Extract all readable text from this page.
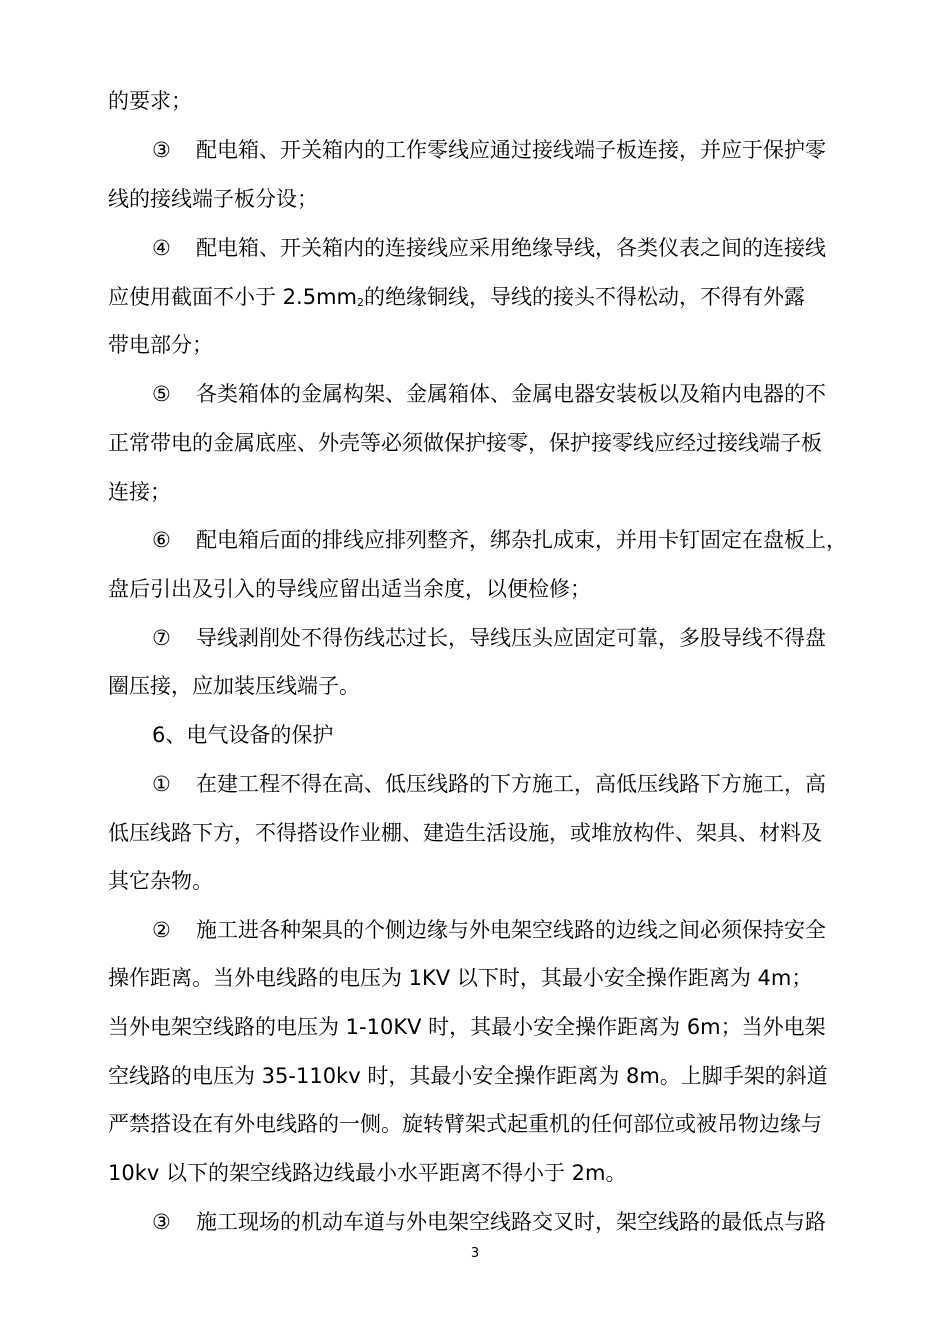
的要求；
③ 配电箱、开关箱内的工作零线应通过接线端子板连接，并应于保护零
线的接线端子板分设；
④ 配电箱、开关箱内的连接线应采用绝缘导线，各类仪表之间的连接线
应使用截面不小于 $2.5mm_2$的绝缘铜线，导线的接头不得松动，不得有外露
带电部分；
⑤ 各类箱体的金属构架、金属箱体、金属电器安装板以及箱内电器的不
正常带电的金属底座、外壳等必须做保护接零，保护接零线应经过接线端子板
连接；
⑥ 配电箱后面的排线应排列整齐，绑杂扎成束，并用卡钉固定在盘板上，
盘后引出及引入的导线应留出适当余度，以便检修；
⑦ 导线剥削处不得伤线芯过长，导线压头应固定可靠，多股导线不得盘
圈压接，应加装压线端子。
6、电气设备的保护
① 在建工程不得在高、低压线路的下方施工，高低压线路下方施工，高
低压线路下方，不得搭设作业棚、建造生活设施，或堆放构件、架具、材料及
其它杂物。
② 施工进各种架具的个侧边缘与外电架空线路的边线之间必须保持安全
操作距离。当外电线路的电压为 1KV 以下时，其最小安全操作距离为 4m；
当外电架空线路的电压为 1-10KV 时，其最小安全操作距离为 6m；当外电架
空线路的电压为 35-110kv 时，其最小安全操作距离为 8m。上脚手架的斜道
严禁搭设在有外电线路的一侧。旋转臂架式起重机的任何部位或被吊物边缘与
10kv 以下的架空线路边线最小水平距离不得小于 2m。
③ 施工现场的机动车道与外电架空线路交叉时，架空线路的最低点与路
3
